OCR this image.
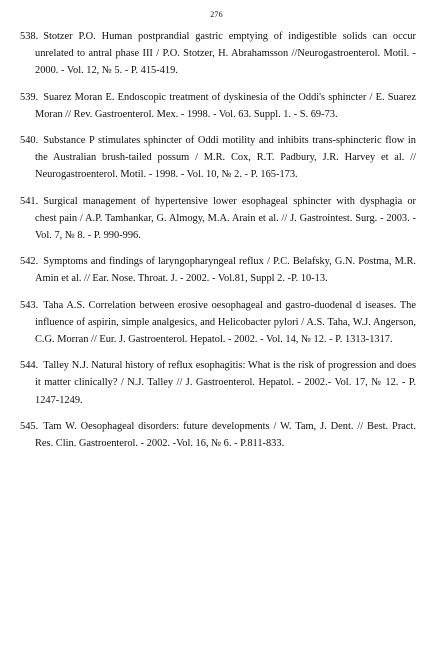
276
538. Stotzer P.O. Human postprandial gastric emptying of indigestible solids can occur unrelated to antral phase III / P.O. Stotzer, H. Abrahamsson //Neurogastroenterol. Motil. - 2000. - Vol. 12, № 5. - P. 415-419.
539. Suarez Moran E. Endoscopic treatment of dyskinesia of the Oddi's sphincter / E. Suarez Moran // Rev. Gastroenterol. Mex. - 1998. - Vol. 63. Suppl. 1. - S. 69-73.
540. Substance P stimulates sphincter of Oddi motility and inhibits trans-sphincteric flow in the Australian brush-tailed possum / M.R. Cox, R.T. Padbury, J.R. Harvey et al. // Neurogastroenterol. Motil. - 1998. - Vol. 10, № 2. - P. 165-173.
541. Surgical management of hypertensive lower esophageal sphincter with dysphagia or chest pain / A.P. Tamhankar, G. Almogy, M.A. Arain et al. // J. Gastrointest. Surg. - 2003. - Vol. 7, № 8. - P. 990-996.
542. Symptoms and findings of laryngopharyngeal reflux / P.C. Belafsky, G.N. Postma, M.R. Amin et al. // Ear. Nose. Throat. J. - 2002. - Vol.81, Suppl 2. -P. 10-13.
543. Taha A.S. Correlation between erosive oesophageal and gastro-duodenal d iseases. The influence of aspirin, simple analgesics, and Helicobacter pylori / A.S. Taha, W.J. Angerson, C.G. Morran // Eur. J. Gastroenterol. Hepatol. - 2002. - Vol. 14, № 12. - P. 1313-1317.
544. Talley N.J. Natural history of reflux esophagitis: What is the risk of progression and does it matter clinically? / N.J. Talley // J. Gastroenterol. Hepatol. - 2002.- Vol. 17, № 12. - P. 1247-1249.
545. Tam W. Oesophageal disorders: future developments / W. Tam, J. Dent. // Best. Pract. Res. Clin. Gastroenterol. - 2002. -Vol. 16, № 6. - P.811-833.
